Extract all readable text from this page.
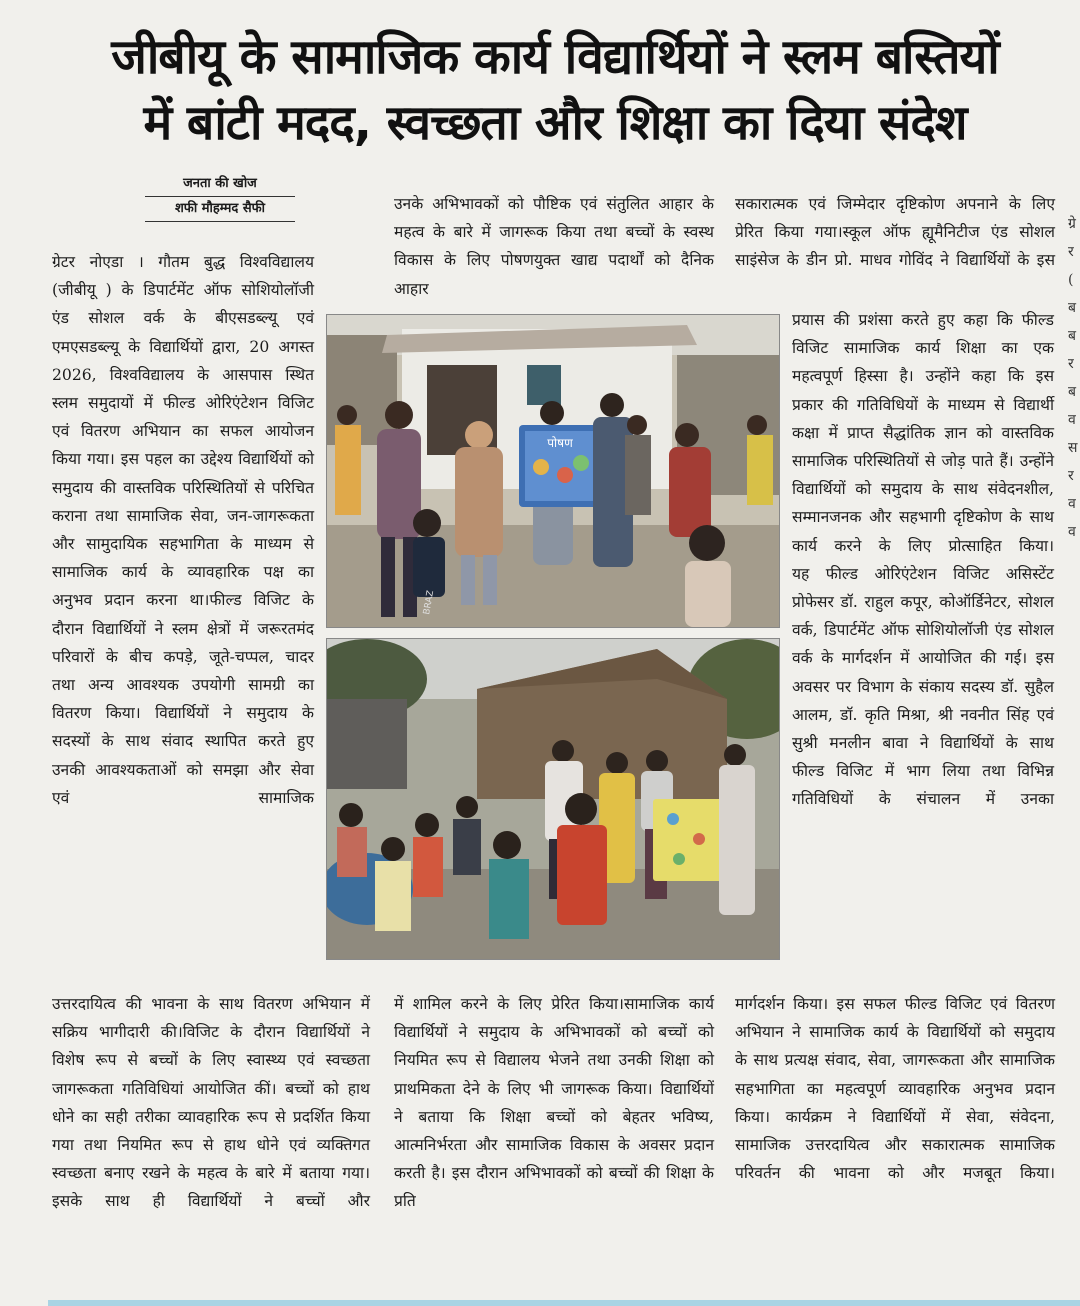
जीबीयू के सामाजिक कार्य विद्यार्थियों ने स्लम बस्तियों
में बांटी मदद, स्वच्छता और शिक्षा का दिया संदेश
जनता की खोज
शफी मौहम्मद सैफी

ग्रेटर नोएडा । गौतम बुद्ध विश्वविद्यालय (जीबीयू ) के डिपार्टमेंट ऑफ सोशियोलॉजी एंड सोशल वर्क के बीएसडब्ल्यू एवं एमएसडब्ल्यू के विद्यार्थियों द्वारा, 20 अगस्त 2026, विश्वविद्यालय के आसपास स्थित स्लम समुदायों में फील्ड ओरिएंटेशन विजिट एवं वितरण अभियान का सफल आयोजन किया गया। इस पहल का उद्देश्य विद्यार्थियों को समुदाय की वास्तविक परिस्थितियों से परिचित कराना तथा सामाजिक सेवा, जन-जागरूकता और सामुदायिक सहभागिता के माध्यम से सामाजिक कार्य के व्यावहारिक पक्ष का अनुभव प्रदान करना था।फील्ड विजिट के दौरान विद्यार्थियों ने स्लम क्षेत्रों में जरूरतमंद परिवारों के बीच कपड़े, जूते-चप्पल, चादर तथा अन्य आवश्यक उपयोगी सामग्री का वितरण किया। विद्यार्थियों ने समुदाय के सदस्यों के साथ संवाद स्थापित करते हुए उनकी आवश्यकताओं को समझा और सेवा एवं सामाजिक

उत्तरदायित्व की भावना के साथ वितरण अभियान में सक्रिय भागीदारी की।विजिट के दौरान विद्यार्थियों ने विशेष रूप से बच्चों के लिए स्वास्थ्य एवं स्वच्छता जागरूकता गतिविधियां आयोजित कीं। बच्चों को हाथ धोने का सही तरीका व्यावहारिक रूप से प्रदर्शित किया गया तथा नियमित रूप से हाथ धोने एवं व्यक्तिगत स्वच्छता बनाए रखने के महत्व के बारे में बताया गया। इसके साथ ही विद्यार्थियों ने बच्चों और

उनके अभिभावकों को पौष्टिक एवं संतुलित आहार के महत्व के बारे में जागरूक किया तथा बच्चों के स्वस्थ विकास के लिए पोषणयुक्त खाद्य पदार्थों को दैनिक आहार

में शामिल करने के लिए प्रेरित किया।सामाजिक कार्य विद्यार्थियों ने समुदाय के अभिभावकों को बच्चों को नियमित रूप से विद्यालय भेजने तथा उनकी शिक्षा को प्राथमिकता देने के लिए भी जागरूक किया। विद्यार्थियों ने बताया कि शिक्षा बच्चों को बेहतर भविष्य, आत्मनिर्भरता और सामाजिक विकास के अवसर प्रदान करती है। इस दौरान अभिभावकों को बच्चों की शिक्षा के प्रति

सकारात्मक एवं जिम्मेदार दृष्टिकोण अपनाने के लिए प्रेरित किया गया।स्कूल ऑफ ह्यूमैनिटीज एंड सोशल साइंसेज के डीन प्रो. माधव गोविंद ने विद्यार्थियों के इस

प्रयास की प्रशंसा करते हुए कहा कि फील्ड विजिट सामाजिक कार्य शिक्षा का एक महत्वपूर्ण हिस्सा है। उन्होंने कहा कि इस प्रकार की गतिविधियों के माध्यम से विद्यार्थी कक्षा में प्राप्त सैद्धांतिक ज्ञान को वास्तविक सामाजिक परिस्थितियों से जोड़ पाते हैं। उन्होंने विद्यार्थियों को समुदाय के साथ संवेदनशील, सम्मानजनक और सहभागी दृष्टिकोण के साथ कार्य करने के लिए प्रोत्साहित किया।

यह फील्ड ओरिएंटेशन विजिट असिस्टेंट प्रोफेसर डॉ. राहुल कपूर, कोऑर्डिनेटर, सोशल वर्क, डिपार्टमेंट ऑफ सोशियोलॉजी एंड सोशल वर्क के मार्गदर्शन में आयोजित की गई। इस अवसर पर विभाग के संकाय सदस्य डॉ. सुहैल आलम, डॉ. कृति मिश्रा, श्री नवनीत सिंह एवं सुश्री मनलीन बावा ने विद्यार्थियों के साथ फील्ड विजिट में भाग लिया तथा विभिन्न गतिविधियों के संचालन में उनका

मार्गदर्शन किया। इस सफल फील्ड विजिट एवं वितरण अभियान ने सामाजिक कार्य के विद्यार्थियों को समुदाय के साथ प्रत्यक्ष संवाद, सेवा, जागरूकता और सामाजिक सहभागिता का महत्वपूर्ण व्यावहारिक अनुभव प्रदान किया। कार्यक्रम ने विद्यार्थियों में सेवा, संवेदना, सामाजिक उत्तरदायित्व और सकारात्मक सामाजिक परिवर्तन की भावना को और मजबूत किया।

पोषण
BRAZ
ग्रे
र
(
ब
ब
र
ब
व
स
र
व
व
